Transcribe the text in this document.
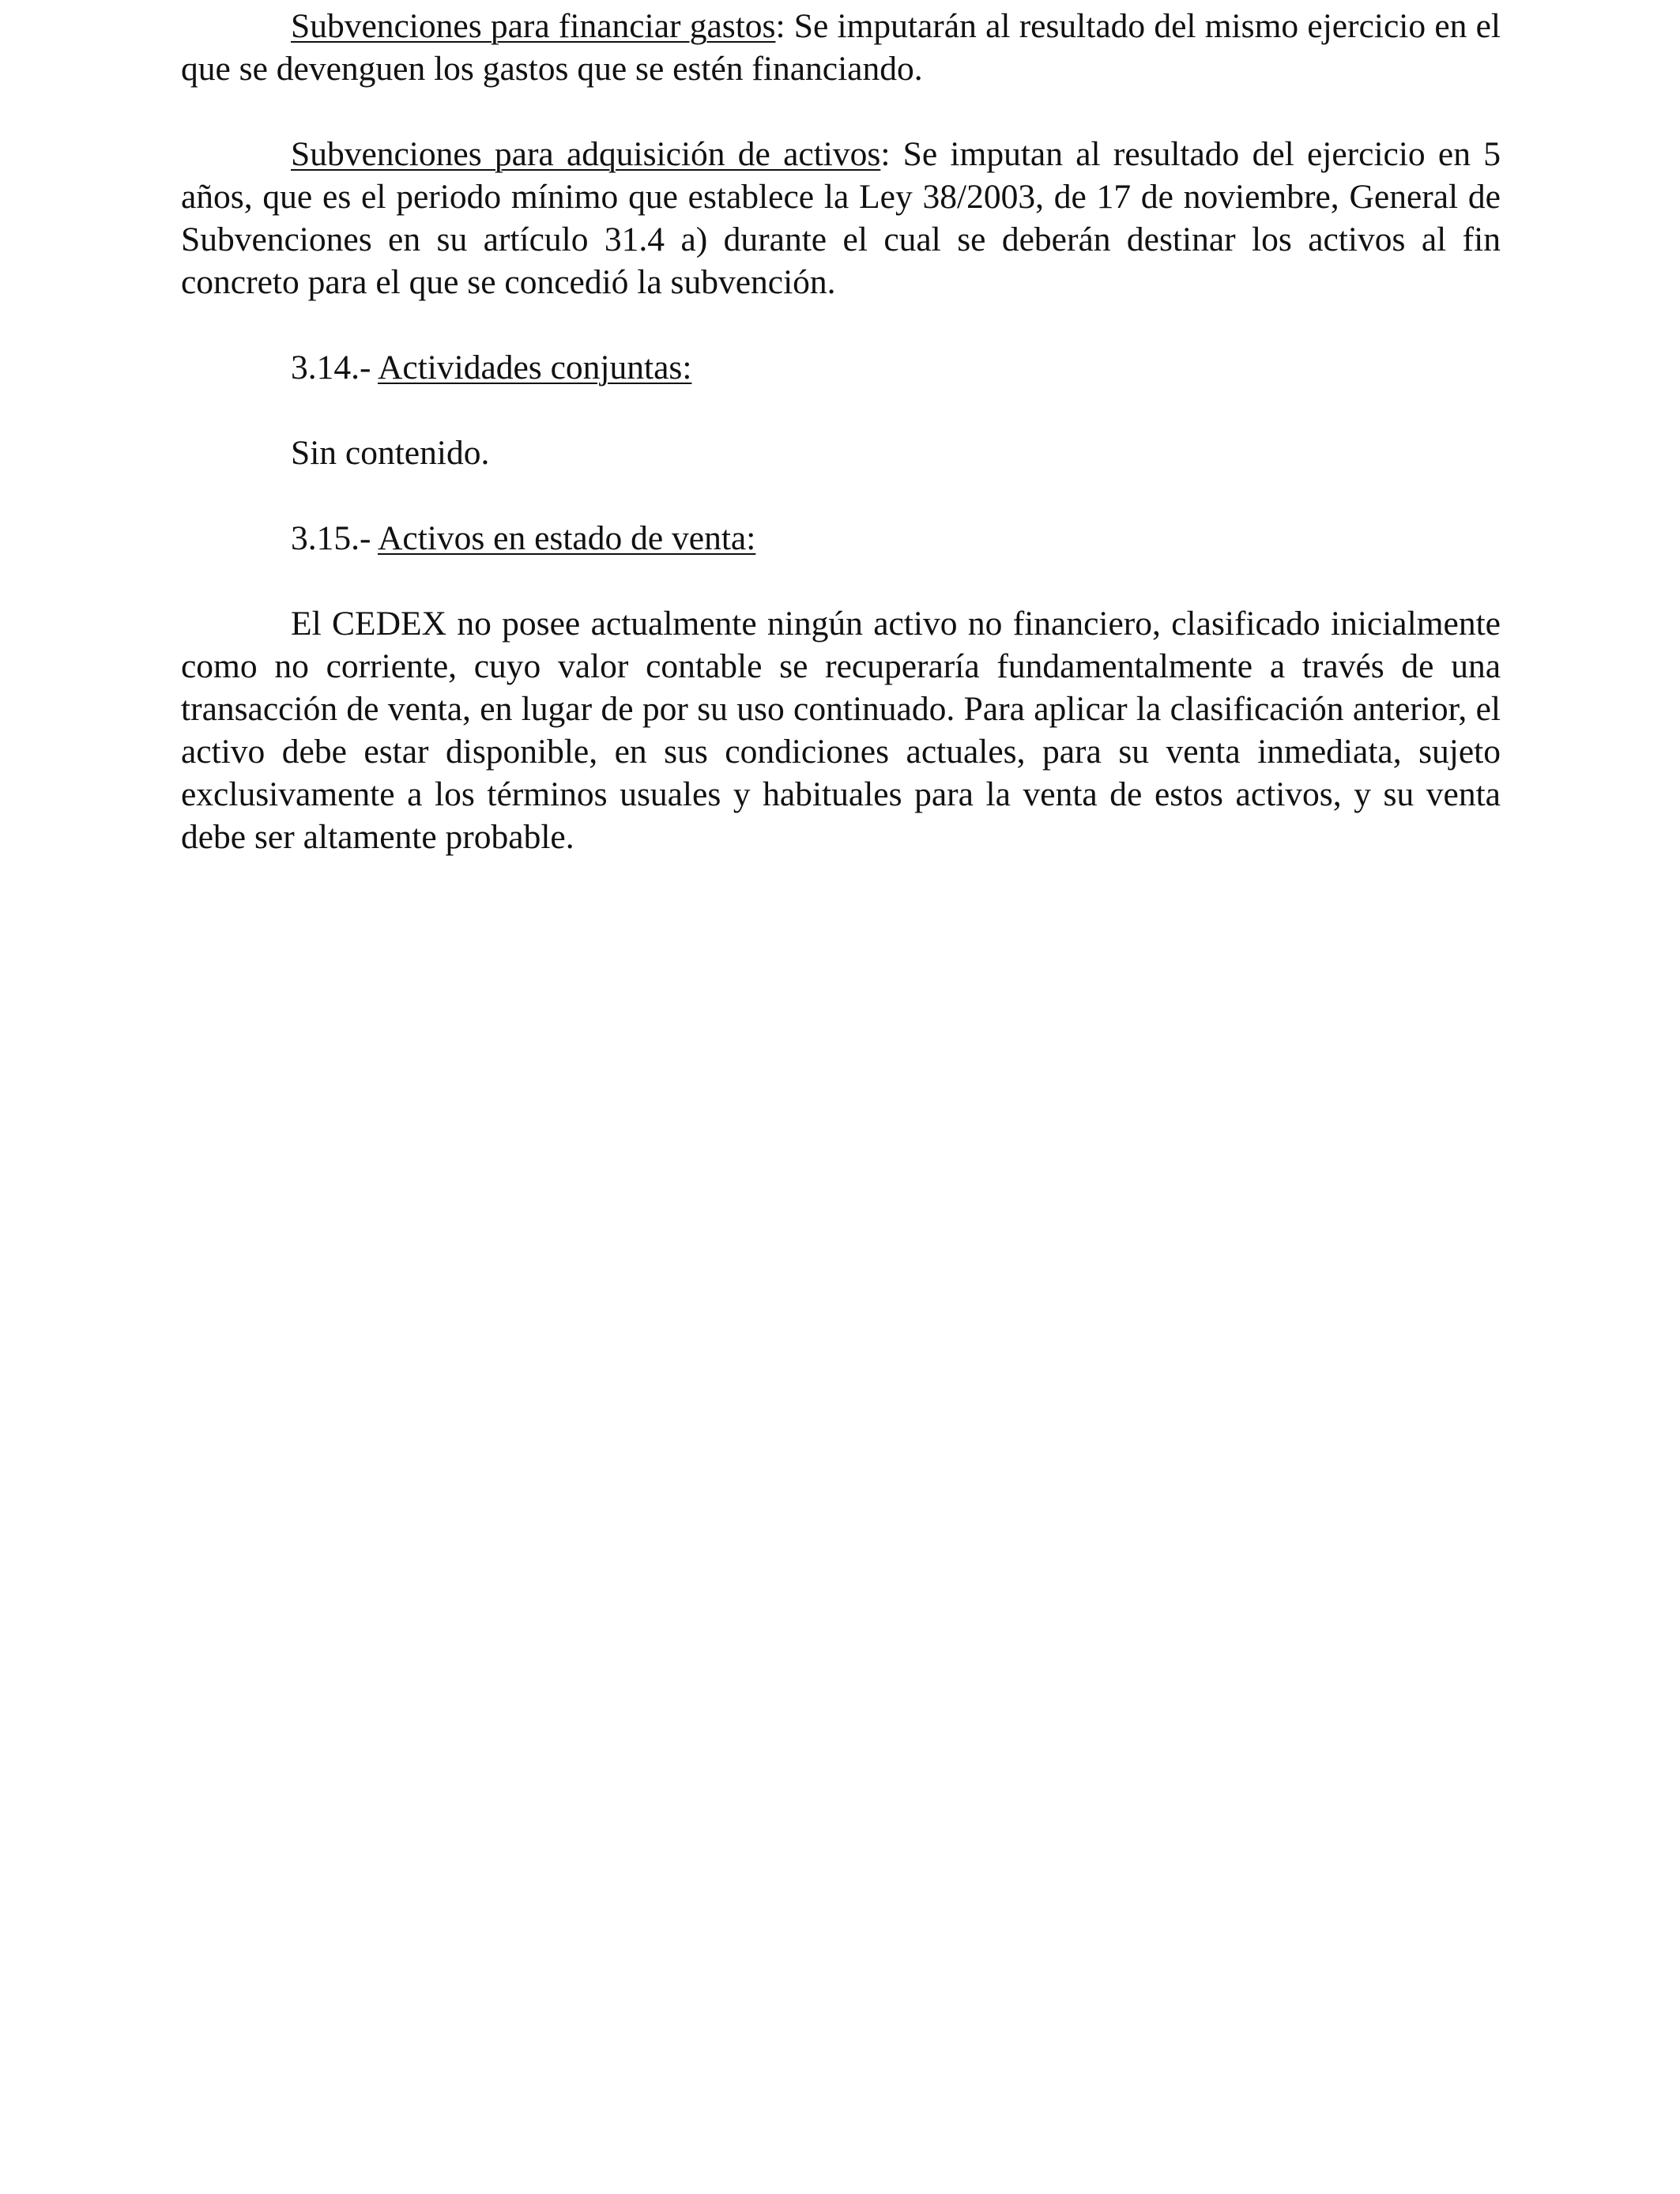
Subvenciones para financiar gastos: Se imputarán al resultado del mismo ejercicio en el que se devenguen los gastos que se estén financiando.

Subvenciones para adquisición de activos: Se imputan al resultado del ejercicio en 5 años, que es el periodo mínimo que establece la Ley 38/2003, de 17 de noviembre, General de Subvenciones en su artículo 31.4 a) durante el cual se deberán destinar los activos al fin concreto para el que se concedió la subvención.

3.14.- Actividades conjuntas:

Sin contenido.

3.15.- Activos en estado de venta:

El CEDEX no posee actualmente ningún activo no financiero, clasificado inicialmente como no corriente, cuyo valor contable se recuperaría fundamentalmente a través de una transacción de venta, en lugar de por su uso continuado. Para aplicar la clasificación anterior, el activo debe estar disponible, en sus condiciones actuales, para su venta inmediata, sujeto exclusivamente a los términos usuales y habituales para la venta de estos activos, y su venta debe ser altamente probable.
